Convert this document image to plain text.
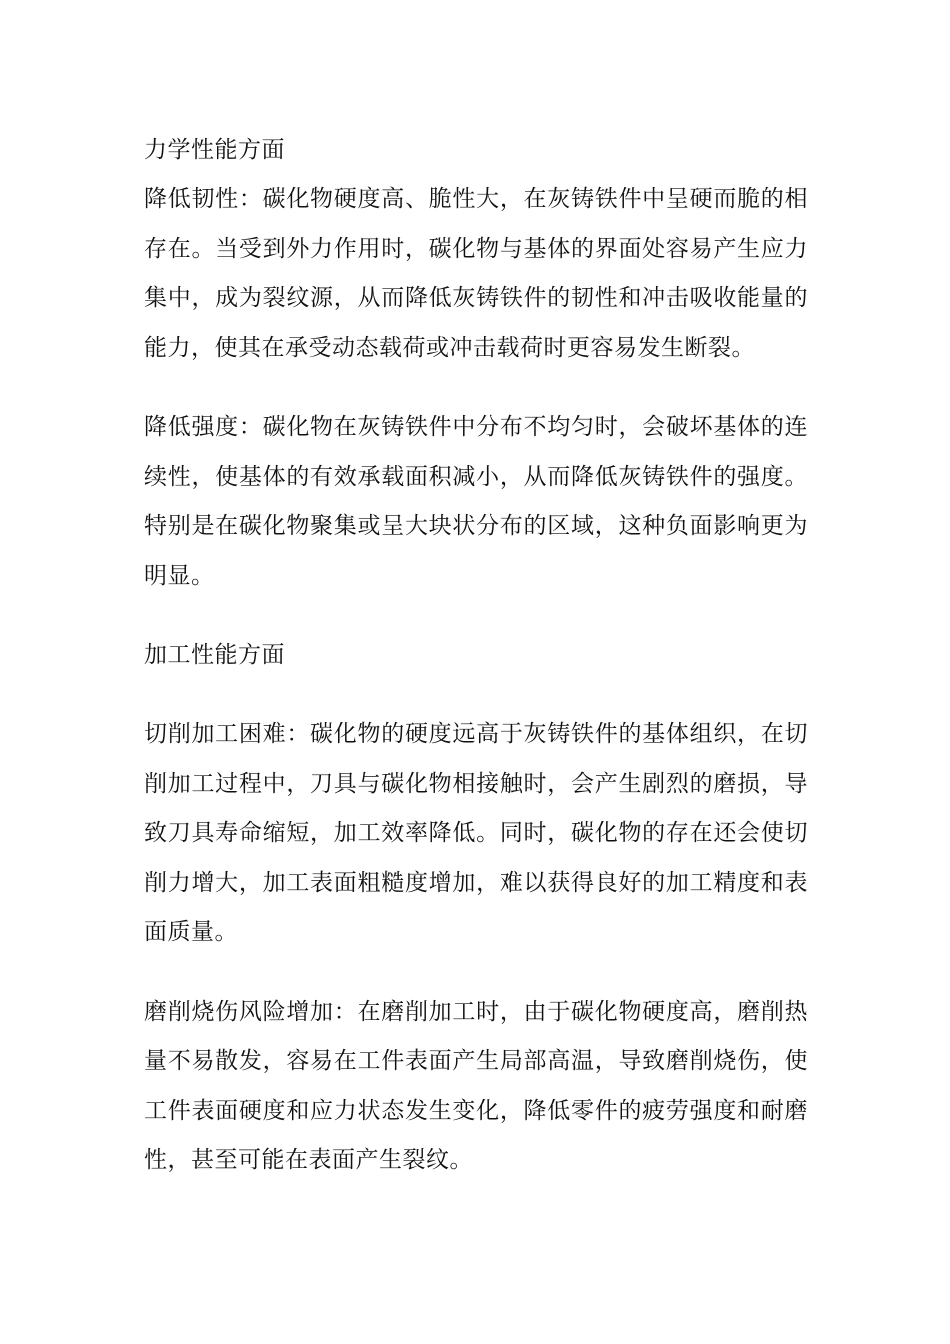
力学性能方面

降低韧性：碳化物硬度高、脆性大，在灰铸铁件中呈硬而脆的相存在。当受到外力作用时，碳化物与基体的界面处容易产生应力集中，成为裂纹源，从而降低灰铸铁件的韧性和冲击吸收能量的能力，使其在承受动态载荷或冲击载荷时更容易发生断裂。

降低强度：碳化物在灰铸铁件中分布不均匀时，会破坏基体的连续性，使基体的有效承载面积减小，从而降低灰铸铁件的强度。特别是在碳化物聚集或呈大块状分布的区域，这种负面影响更为明显。

加工性能方面

切削加工困难：碳化物的硬度远高于灰铸铁件的基体组织，在切削加工过程中，刀具与碳化物相接触时，会产生剧烈的磨损，导致刀具寿命缩短，加工效率降低。同时，碳化物的存在还会使切削力增大，加工表面粗糙度增加，难以获得良好的加工精度和表面质量。

磨削烧伤风险增加：在磨削加工时，由于碳化物硬度高，磨削热量不易散发，容易在工件表面产生局部高温，导致磨削烧伤，使工件表面硬度和应力状态发生变化，降低零件的疲劳强度和耐磨性，甚至可能在表面产生裂纹。
